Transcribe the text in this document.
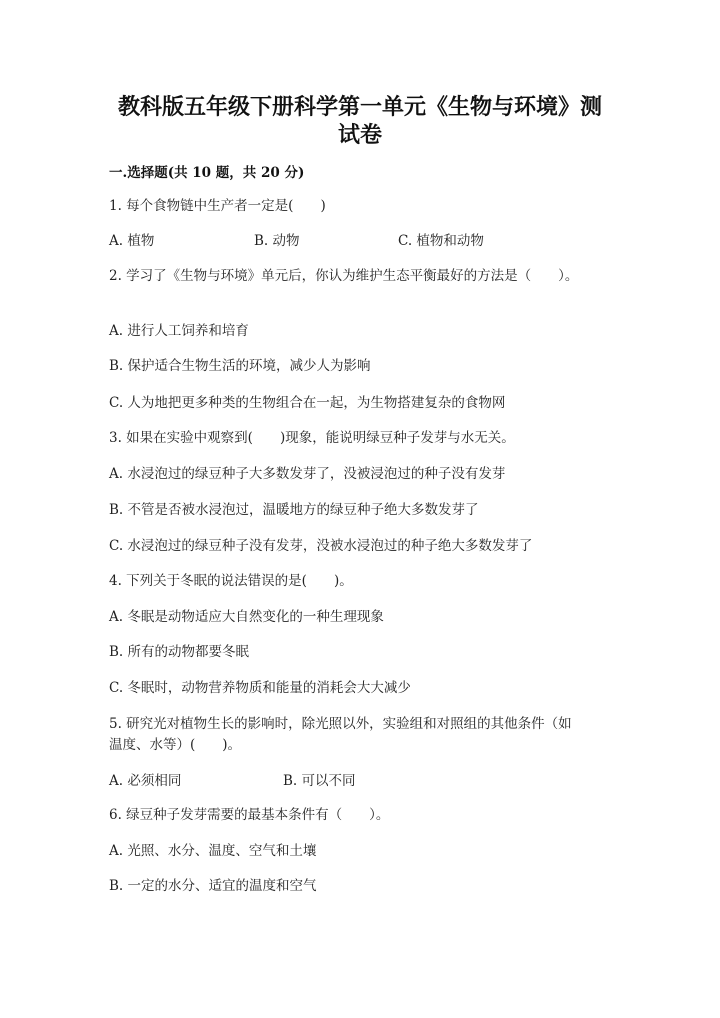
教科版五年级下册科学第一单元《生物与环境》测
试卷
一.选择题(共 10 题，共 20 分)
1. 每个食物链中生产者一定是(　　)
A. 植物	B. 动物	C. 植物和动物
2. 学习了《生物与环境》单元后，你认为维护生态平衡最好的方法是（　　）。
A. 进行人工饲养和培育
B. 保护适合生物生活的环境，减少人为影响
C. 人为地把更多种类的生物组合在一起，为生物搭建复杂的食物网
3. 如果在实验中观察到(　　)现象，能说明绿豆种子发芽与水无关。
A. 水浸泡过的绿豆种子大多数发芽了，没被浸泡过的种子没有发芽
B. 不管是否被水浸泡过，温暖地方的绿豆种子绝大多数发芽了
C. 水浸泡过的绿豆种子没有发芽，没被水浸泡过的种子绝大多数发芽了
4. 下列关于冬眠的说法错误的是(　　)。
A. 冬眠是动物适应大自然变化的一种生理现象
B. 所有的动物都要冬眠
C. 冬眠时，动物营养物质和能量的消耗会大大减少
5. 研究光对植物生长的影响时，除光照以外，实验组和对照组的其他条件（如
温度、水等）(　　)。
A. 必须相同	B. 可以不同
6. 绿豆种子发芽需要的最基本条件有（　　）。
A. 光照、水分、温度、空气和土壤
B. 一定的水分、适宜的温度和空气
